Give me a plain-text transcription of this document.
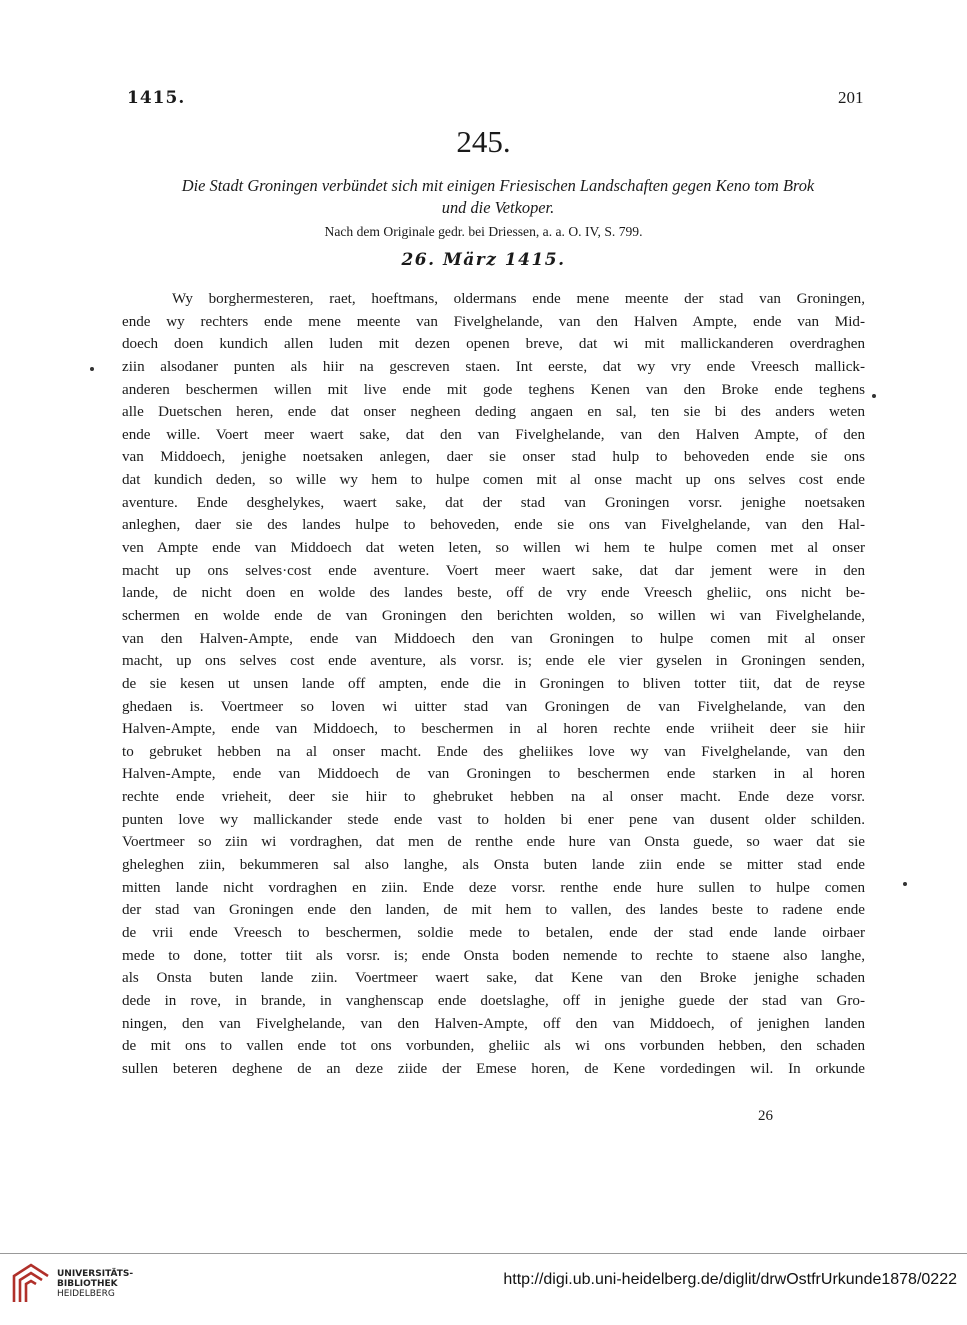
1415.	201
245.
Die Stadt Groningen verbündet sich mit einigen Friesischen Landschaften gegen Keno tom Brok
und die Vetkoper.
Nach dem Originale gedr. bei Driessen, a. a. O. IV, S. 799.
26. März 1415.
Wy borghermesteren, raet, hoeftmans, oldermans ende mene meente der stad van Groningen,
ende wy rechters ende mene meente van Fivelghelande, van den Halven Ampte, ende van Mid-
doech doen kundich allen luden mit dezen openen breve, dat wi mit mallickanderen overdraghen
ziin alsodaner punten als hiir na gescreven staen. Int eerste, dat wy vry ende Vreesch mallick-
anderen beschermen willen mit live ende mit gode teghens Kenen van den Broke ende teghens
alle Duetschen heren, ende dat onser negheen deding angaen en sal, ten sie bi des anders weten
ende wille. Voert meer waert sake, dat den van Fivelghelande, van den Halven Ampte, of den
van Middoech, jenighe noetsaken anlegen, daer sie onser stad hulp to behoveden ende sie ons
dat kundich deden, so wille wy hem to hulpe comen mit al onse macht up ons selves cost ende
aventure. Ende desghelykes, waert sake, dat der stad van Groningen vorsr. jenighe noetsaken
anleghen, daer sie des landes hulpe to behoveden, ende sie ons van Fivelghelande, van den Hal-
ven Ampte ende van Middoech dat weten leten, so willen wi hem te hulpe comen met al onser
macht up ons selves·cost ende aventure. Voert meer waert sake, dat dar jement were in den
lande, de nicht doen en wolde des landes beste, off de vry ende Vreesch gheliic, ons nicht be-
schermen en wolde ende de van Groningen den berichten wolden, so willen wi van Fivelghelande,
van den Halven-Ampte, ende van Middoech den van Groningen to hulpe comen mit al onser
macht, up ons selves cost ende aventure, als vorsr. is; ende ele vier gyselen in Groningen senden,
de sie kesen ut unsen lande off ampten, ende die in Groningen to bliven totter tiit, dat de reyse
ghedaen is. Voertmeer so loven wi uitter stad van Groningen de van Fivelghelande, van den
Halven-Ampte, ende van Middoech, to beschermen in al horen rechte ende vriiheit deer sie hiir
to gebruket hebben na al onser macht. Ende des gheliikes love wy van Fivelghelande, van den
Halven-Ampte, ende van Middoech de van Groningen to beschermen ende starken in al horen
rechte ende vrieheit, deer sie hiir to ghebruket hebben na al onser macht. Ende deze vorsr.
punten love wy mallickander stede ende vast to holden bi ener pene van dusent older schilden.
Voertmeer so ziin wi vordraghen, dat men de renthe ende hure van Onsta guede, so waer dat sie
gheleghen ziin, bekummeren sal also langhe, als Onsta buten lande ziin ende se mitter stad ende
mitten lande nicht vordraghen en ziin. Ende deze vorsr. renthe ende hure sullen to hulpe comen
der stad van Groningen ende den landen, de mit hem to vallen, des landes beste to radene ende
de vrii ende Vreesch to beschermen, soldie mede to betalen, ende der stad ende lande oirbaer
mede to done, totter tiit als vorsr. is; ende Onsta boden nemende to rechte to staene also langhe,
als Onsta buten lande ziin. Voertmeer waert sake, dat Kene van den Broke jenighe schaden
dede in rove, in brande, in vanghenscap ende doetslaghe, off in jenighe guede der stad van Gro-
ningen, den van Fivelghelande, van den Halven-Ampte, off den van Middoech, of jenighen landen
de mit ons to vallen ende tot ons vorbunden, gheliic als wi ons vorbunden hebben, den schaden
sullen beteren deghene de an deze ziide der Emese horen, de Kene vordedingen wil. In orkunde
26
UNIVERSITÄTS-
BIBLIOTHEK
HEIDELBERG
http://digi.ub.uni-heidelberg.de/diglit/drwOstfrUrkunde1878/0222
